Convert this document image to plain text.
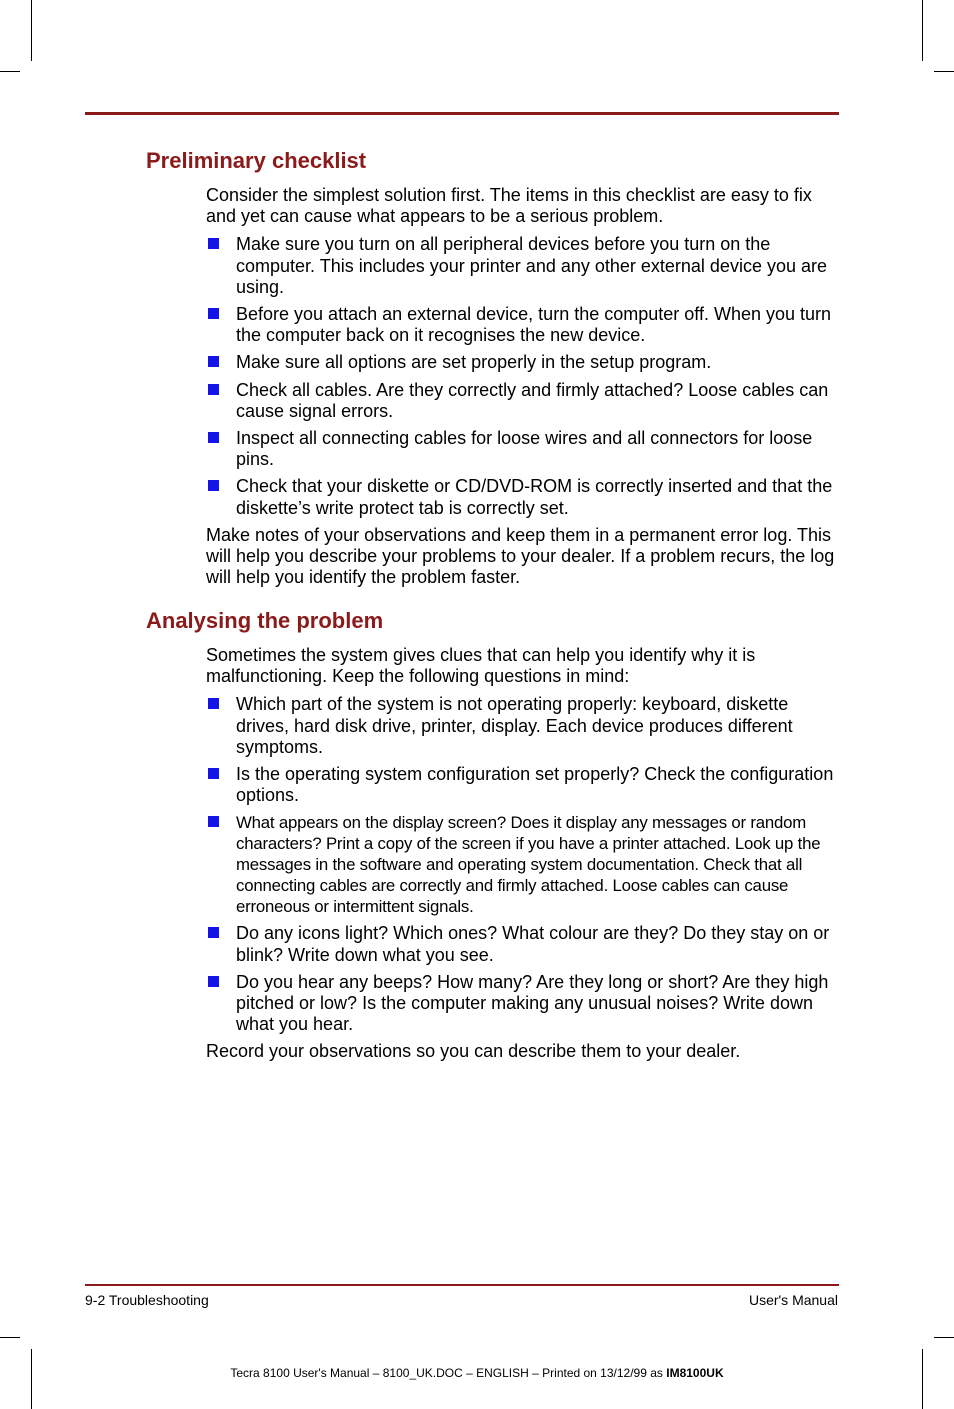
Preliminary checklist

Consider the simplest solution first. The items in this checklist are easy to fix and yet can cause what appears to be a serious problem.

Make sure you turn on all peripheral devices before you turn on the computer. This includes your printer and any other external device you are using.
Before you attach an external device, turn the computer off. When you turn the computer back on it recognises the new device.
Make sure all options are set properly in the setup program.
Check all cables. Are they correctly and firmly attached? Loose cables can cause signal errors.
Inspect all connecting cables for loose wires and all connectors for loose pins.
Check that your diskette or CD/DVD-ROM is correctly inserted and that the diskette’s write protect tab is correctly set.

Make notes of your observations and keep them in a permanent error log. This will help you describe your problems to your dealer. If a problem recurs, the log will help you identify the problem faster.

Analysing the problem

Sometimes the system gives clues that can help you identify why it is malfunctioning. Keep the following questions in mind:

Which part of the system is not operating properly: keyboard, diskette drives, hard disk drive, printer, display. Each device produces different symptoms.
Is the operating system configuration set properly? Check the configuration options.
What appears on the display screen? Does it display any messages or random characters? Print a copy of the screen if you have a printer attached. Look up the messages in the software and operating system documentation. Check that all connecting cables are correctly and firmly attached. Loose cables can cause erroneous or intermittent signals.
Do any icons light? Which ones? What colour are they? Do they stay on or blink? Write down what you see.
Do you hear any beeps? How many? Are they long or short? Are they high pitched or low? Is the computer making any unusual noises? Write down what you hear.

Record your observations so you can describe them to your dealer.

9-2 Troubleshooting	User's Manual
Tecra 8100 User's Manual – 8100_UK.DOC – ENGLISH – Printed on 13/12/99 as IM8100UK
